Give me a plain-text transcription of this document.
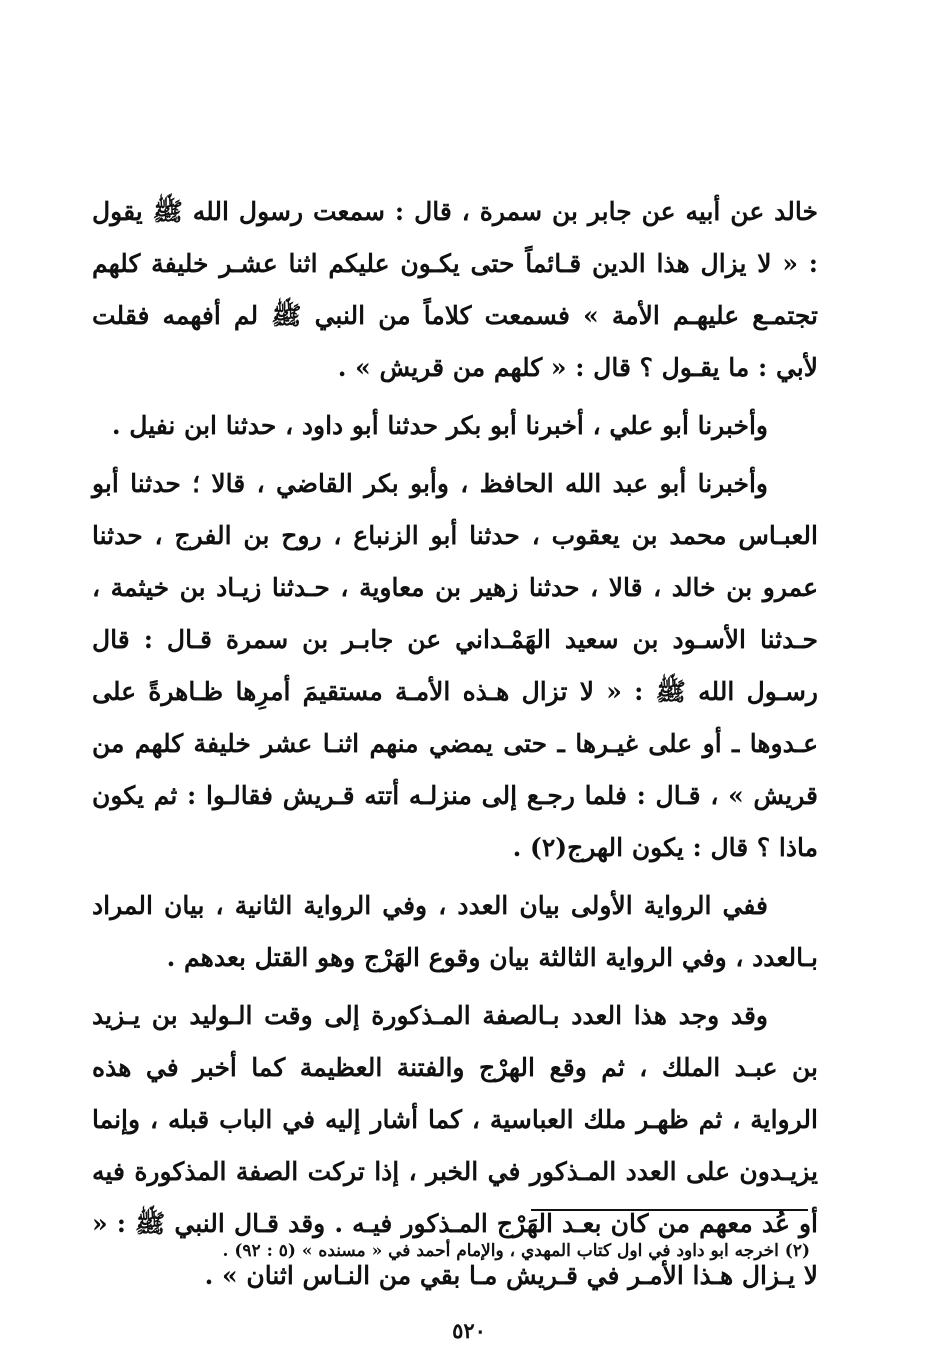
خالد عن أبيه عن جابر بن سمرة ، قال : سمعت رسول الله ﷺ يقول : « لا يزال هذا الدين قـائماً حتى يكـون عليكم اثنا عشـر خليفة كلهم تجتمـع عليهـم الأمة » فسمعت كلاماً من النبي ﷺ لم أفهمه فقلت لأبي : ما يقـول ؟ قال : « كلهم من قريش » .

وأخبرنا أبو علي ، أخبرنا أبو بكر حدثنا أبو داود ، حدثنا ابن نفيل .

وأخبرنا أبو عبد الله الحافظ ، وأبو بكر القاضي ، قالا ؛ حدثنا أبو العبـاس محمد بن يعقوب ، حدثنا أبو الزنباع ، روح بن الفرج ، حدثنا عمرو بن خالد ، قالا ، حدثنا زهير بن معاوية ، حـدثنا زيـاد بن خيثمة ، حـدثنا الأسـود بن سعيد الهَمْـداني عن جابـر بن سمرة قـال : قال رسـول الله ﷺ : « لا تزال هـذه الأمـة مستقيمَ أمرِها ظـاهرةً على عـدوها ـ أو على غيـرها ـ حتى يمضي منهم اثنـا عشر خليفة كلهم من قريش » ، قـال : فلما رجـع إلى منزلـه أتته قـريش فقالـوا : ثم يكون ماذا ؟ قال : يكون الهرج(٢) .

ففي الرواية الأولى بيان العدد ، وفي الرواية الثانية ، بيان المراد بـالعدد ، وفي الرواية الثالثة بيان وقوع الهَرْج وهو القتل بعدهم .

وقد وجد هذا العدد بـالصفة المـذكورة إلى وقت الـوليد بن يـزيد بن عبـد الملك ، ثم وقع الهرْج والفتنة العظيمة كما أخبر في هذه الرواية ، ثم ظهـر ملك العباسية ، كما أشار إليه في الباب قبله ، وإنما يزيـدون على العدد المـذكور في الخبر ، إذا تركت الصفة المذكورة فيه أو عُد معهم من كان بعـد الهَرْج المـذكور فيـه . وقد قـال النبي ﷺ : « لا يـزال هـذا الأمـر في قـريش مـا بقي من النـاس اثنان » .

(٢) اخرجه ابو داود في اول كتاب المهدي ، والإمام أحمد في « مسنده » (٥ : ٩٢) .
٥٢٠
